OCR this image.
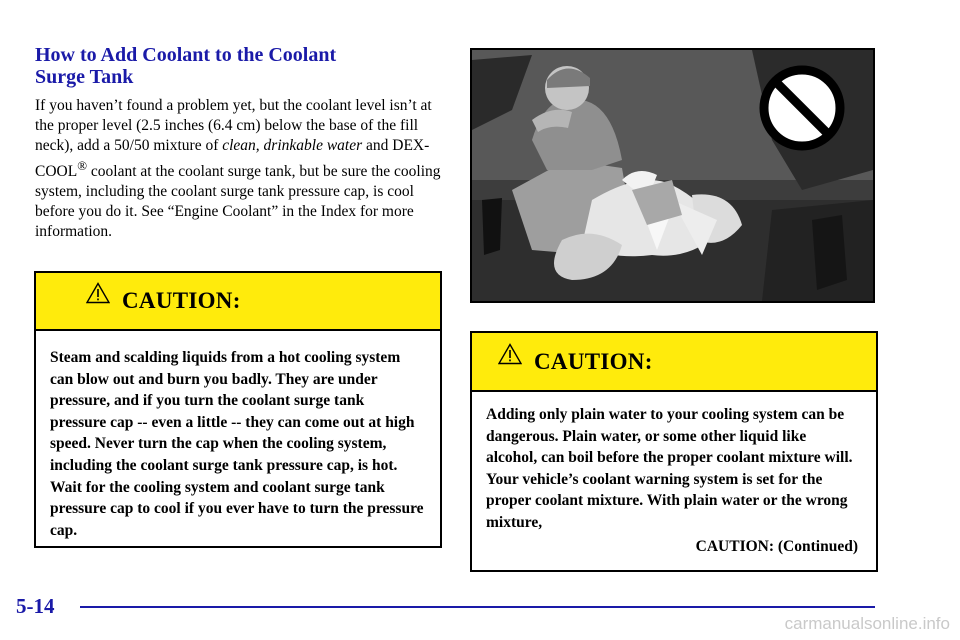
How to Add Coolant to the Coolant
Surge Tank

If you haven’t found a problem yet, but the coolant level isn’t at the proper level (2.5 inches (6.4 cm) below the base of the fill neck), add a 50/50 mixture of clean, drinkable water and DEX-COOL® coolant at the coolant surge tank, but be sure the cooling system, including the coolant surge tank pressure cap, is cool before you do it. See “Engine Coolant” in the Index for more information.

CAUTION:

Steam and scalding liquids from a hot cooling system can blow out and burn you badly. They are under pressure, and if you turn the coolant surge tank pressure cap -- even a little -- they can come out at high speed. Never turn the cap when the cooling system, including the coolant surge tank pressure cap, is hot. Wait for the cooling system and coolant surge tank pressure cap to cool if you ever have to turn the pressure cap.

CAUTION:

Adding only plain water to your cooling system can be dangerous. Plain water, or some other liquid like alcohol, can boil before the proper coolant mixture will. Your vehicle’s coolant warning system is set for the proper coolant mixture. With plain water or the wrong mixture,

CAUTION: (Continued)

5-14

carmanualsonline.info
